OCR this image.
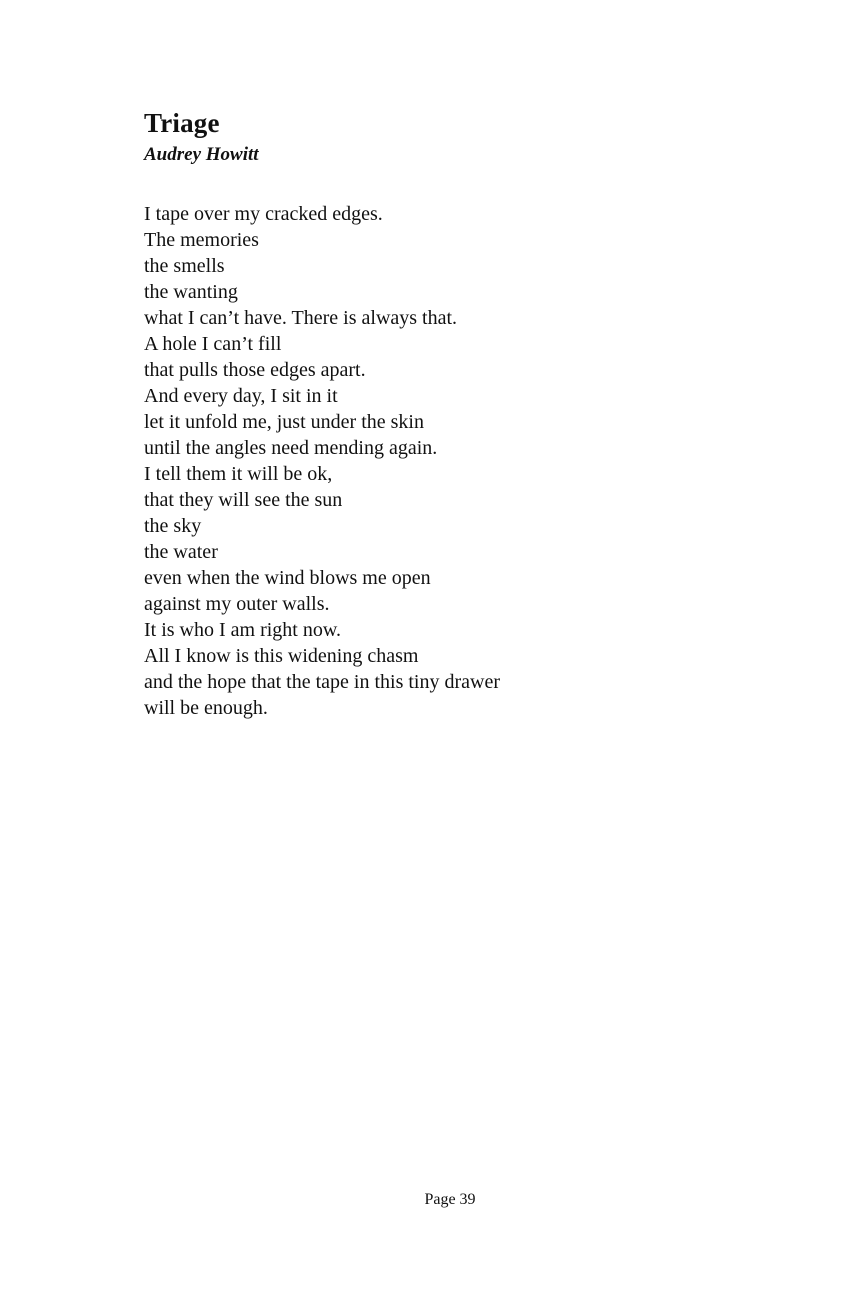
Triage

Audrey Howitt

I tape over my cracked edges.
The memories
the smells
the wanting
what I can’t have. There is always that.
A hole I can’t fill
that pulls those edges apart.
And every day, I sit in it
let it unfold me, just under the skin
until the angles need mending again.
I tell them it will be ok,
that they will see the sun
the sky
the water
even when the wind blows me open
against my outer walls.
It is who I am right now.
All I know is this widening chasm
and the hope that the tape in this tiny drawer
will be enough.
Page 39
